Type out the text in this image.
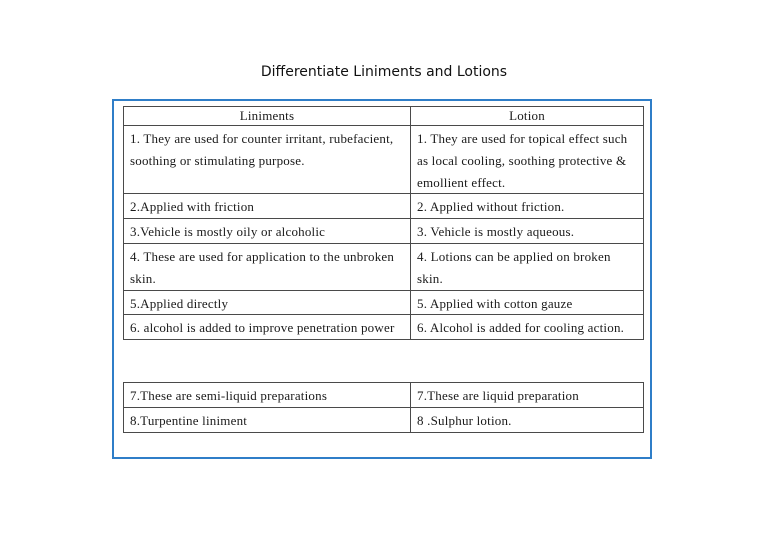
Differentiate Liniments and Lotions
Liniments	Lotion
1. They are used for counter irritant, rubefacient, soothing or stimulating purpose.	1. They are used for topical effect such as local cooling, soothing protective & emollient effect.
2.Applied with friction	2. Applied without friction.
3.Vehicle is mostly oily or alcoholic	3. Vehicle is mostly aqueous.
4. These are used for application to the unbroken skin.	4. Lotions can be applied on broken skin.
5.Applied directly	5. Applied with cotton gauze
6. alcohol is added to improve penetration power	6. Alcohol is added for cooling action.
7.These are semi-liquid preparations	7.These are liquid preparation
8.Turpentine liniment	8 .Sulphur lotion.
